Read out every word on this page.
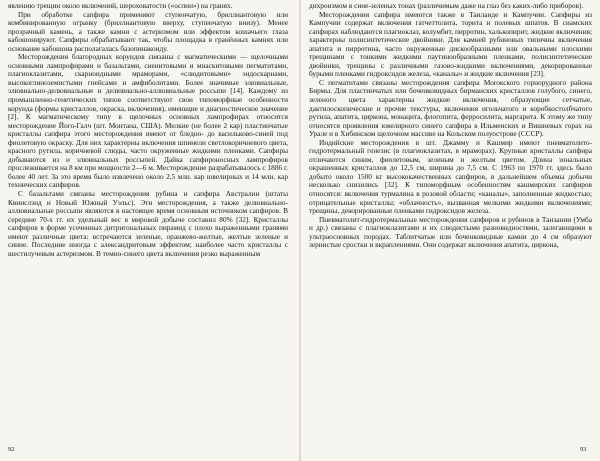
явлению трещин около включений, шероховатости («оспин») на гранях.

При обработке сапфира применяют ступенчатую, бриллиантовую или комбинированную огранку (бриллиантовую вверху, ступенчатую внизу). Менее прозрачный камень, а также камни с астеризмом или эффектом кошачьего глаза кабошонируют. Сапфиры обрабатывают так, чтобы площадка в гранённых камнях или основание кабошона располагалась базопинакоиду.

Месторождения благородных корундов связаны с магматическими — щелочными основными лампрофирами и базальтами, сиенитовыми и миаскитовыми пегматитами, плагиоклазитами, скарноидными мраморами, «слюдитовыми» эндоскарнами, высокоглиноземистыми гнейсами и амфиболитами. Более значимые элювиальные, элювиально-делювиальные и делювиально-аллювиальные россыпи [14]. Каждому из промышленно-генетических типов соответствуют свои типоморфные особенности корунда (формы кристаллов, окраска, включения), имеющие и диагностическое значение [2]. К магматическому типу в щелочных основных лампрофирах относится месторождение Його-Галч (шт. Монтана, США). Мелкие (не более 2 кар) пластинчатые кристаллы сапфира этого месторождения имеют от бледно- до васильково-синей под фиолетовую окраску. Для них характерны включения шпинели светлокоричневого цвета, красного рутила, коричневой слюды, часто окруженные жидкими пленками. Сапфиры добываются из и элювиальных россыпей. Дайка сапфироносных лампрофиров прослеживается на 8 км при мощности 2—6 м. Месторождение разрабатывалось с 1886 г. более 40 лет. За это время было извлечено около 2,5 млн. кар ювелирных и 14 млн. кар технических сапфиров.

С базальтами связаны месторождения рубина и сапфира Австралии (штаты Квинслэнд и Новый Южный Уэльс). Эти месторождения, а также делювиально-аллювиальные россыпи являются в настоящее время основным источником сапфиров. В середине 70-х гг. их удельный вес в мировой добыче составил 80% [32]. Кристаллы сапфиров в форме усеченных дитригональных пирамид с плохо выраженными гранями имеют различные цвета: встречаются зеленые, оранжево-желтые, желтые зеленые и синие. Последние иногда с александритовым эффектом; наиболее часто кристаллы с шестилучевым астеризмом. В темно-синего цвета включения резко выраженным

92

дихроизмом в сине-зеленых тонах (различимым даже на глаз без каких-либо приборов).

Месторождения сапфира имеются также в Таиланде и Кампучии. Сапфиры из Кампучии содержат включения гатчеттолита, торита и полевых шпатов. В сиамских сапфирах наблюдаются плагиоклаз, колумбит, пирротин, халькопирит, жидкие включения; характерны полисинтетические двойники. Для камней рубиновых типичны включения апатита и пирротина, часто окруженные дискообразными или овальными плоскими трещинами с тонкими жидкими паутинообразными пленками, полисинтетические двойники, трещины с различными газово-жидкими включениями, декорированные бурыми пленками гидроксидов железа, «каналы» и жидкие включения [23].

С пегматитами связаны месторождения сапфира Моrокского горнорудного района Бирмы. Для пластинчатых или боченковидных бирманских кристаллов голубого, синего, зеленого цвета характерны жидкие включения, образующие сетчатые, дактилоскопические и прочие текстуры, включения игольчатого и коробкостолбчатого рутила, апатита, циркона, монацита, флогопита, ферросилита, маргарита. К этому же типу относятся проявления ювелирного синего сапфира в Ильменских и Вишневых горах на Урале и в Хибинском щелочном массиве на Кольском полуострове (СССР).

Индийские месторождения в шт. Джамму и Кашмир имеют пневматолито-гидротермальный генезис (в плагиоклазитах, в мраморах). Крупные кристаллы сапфира отличаются синим, фиолетовым, зеленым и желтым цветом. Длина зональных окрашенных кристаллов до 12,5 см, ширина до 7,5 см. С 1963 по 1970 гг. здесь было добыто около 1500 кг высококачественных сапфиров, в дальнейшем объемы добычи несколько снизились [32]. К типоморфным особенностям кашмирских сапфиров относятся: включения турмалина в розовой области; «каналы», заполненные жидкостью; отрицательные кристаллы; «облачность», вызванная мелкими жидкими включениями; трещины, декорированные пленками гидроксидов железа.

Пневматолит-гидротермальные месторождения сапфиров и рубинов в Танзании (Умба и др.) связаны с плагиоклазитами и их слюдистыми разновидностями, залегающими в ультраосновных породах. Таблитчатые или боченковидные камни до 4 см образуют зернистые сростки и вкраплениями. Они содержат включения апатита, циркона,

93
